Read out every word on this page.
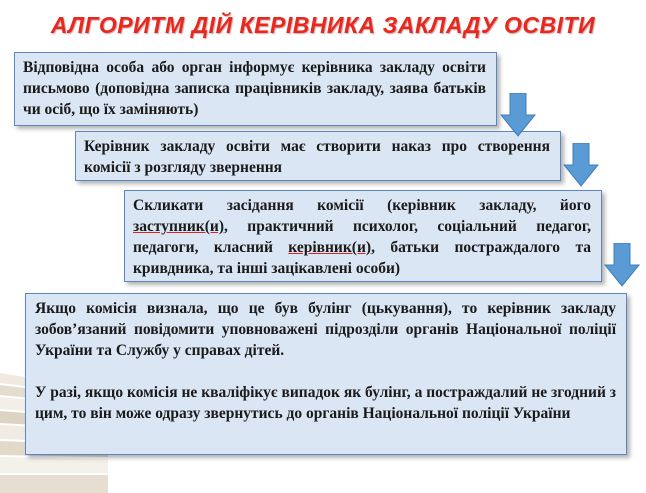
АЛГОРИТМ ДІЙ КЕРІВНИКА ЗАКЛАДУ ОСВІТИ
Відповідна особа або орган інформує керівника закладу освіти письмово (доповідна записка працівників закладу, заява батьків чи осіб, що їх заміняють)
Керівник закладу освіти має створити наказ про створення комісії з розгляду звернення
Скликати засідання комісії (керівник закладу, його заступник(и), практичний психолог, соціальний педагог, педагоги, класний керівник(и), батьки постраждалого та кривдника, та інші зацікавлені особи)

Якщо комісія визнала, що це був булінг (цькування), то керівник закладу зобов’язаний повідомити уповноважені підрозділи органів Національної поліції України та Службу у справах дітей.

У разі, якщо комісія не кваліфікує випадок як булінг, а постраждалий не згодний з цим, то він може одразу звернутись до органів Національної поліції України
